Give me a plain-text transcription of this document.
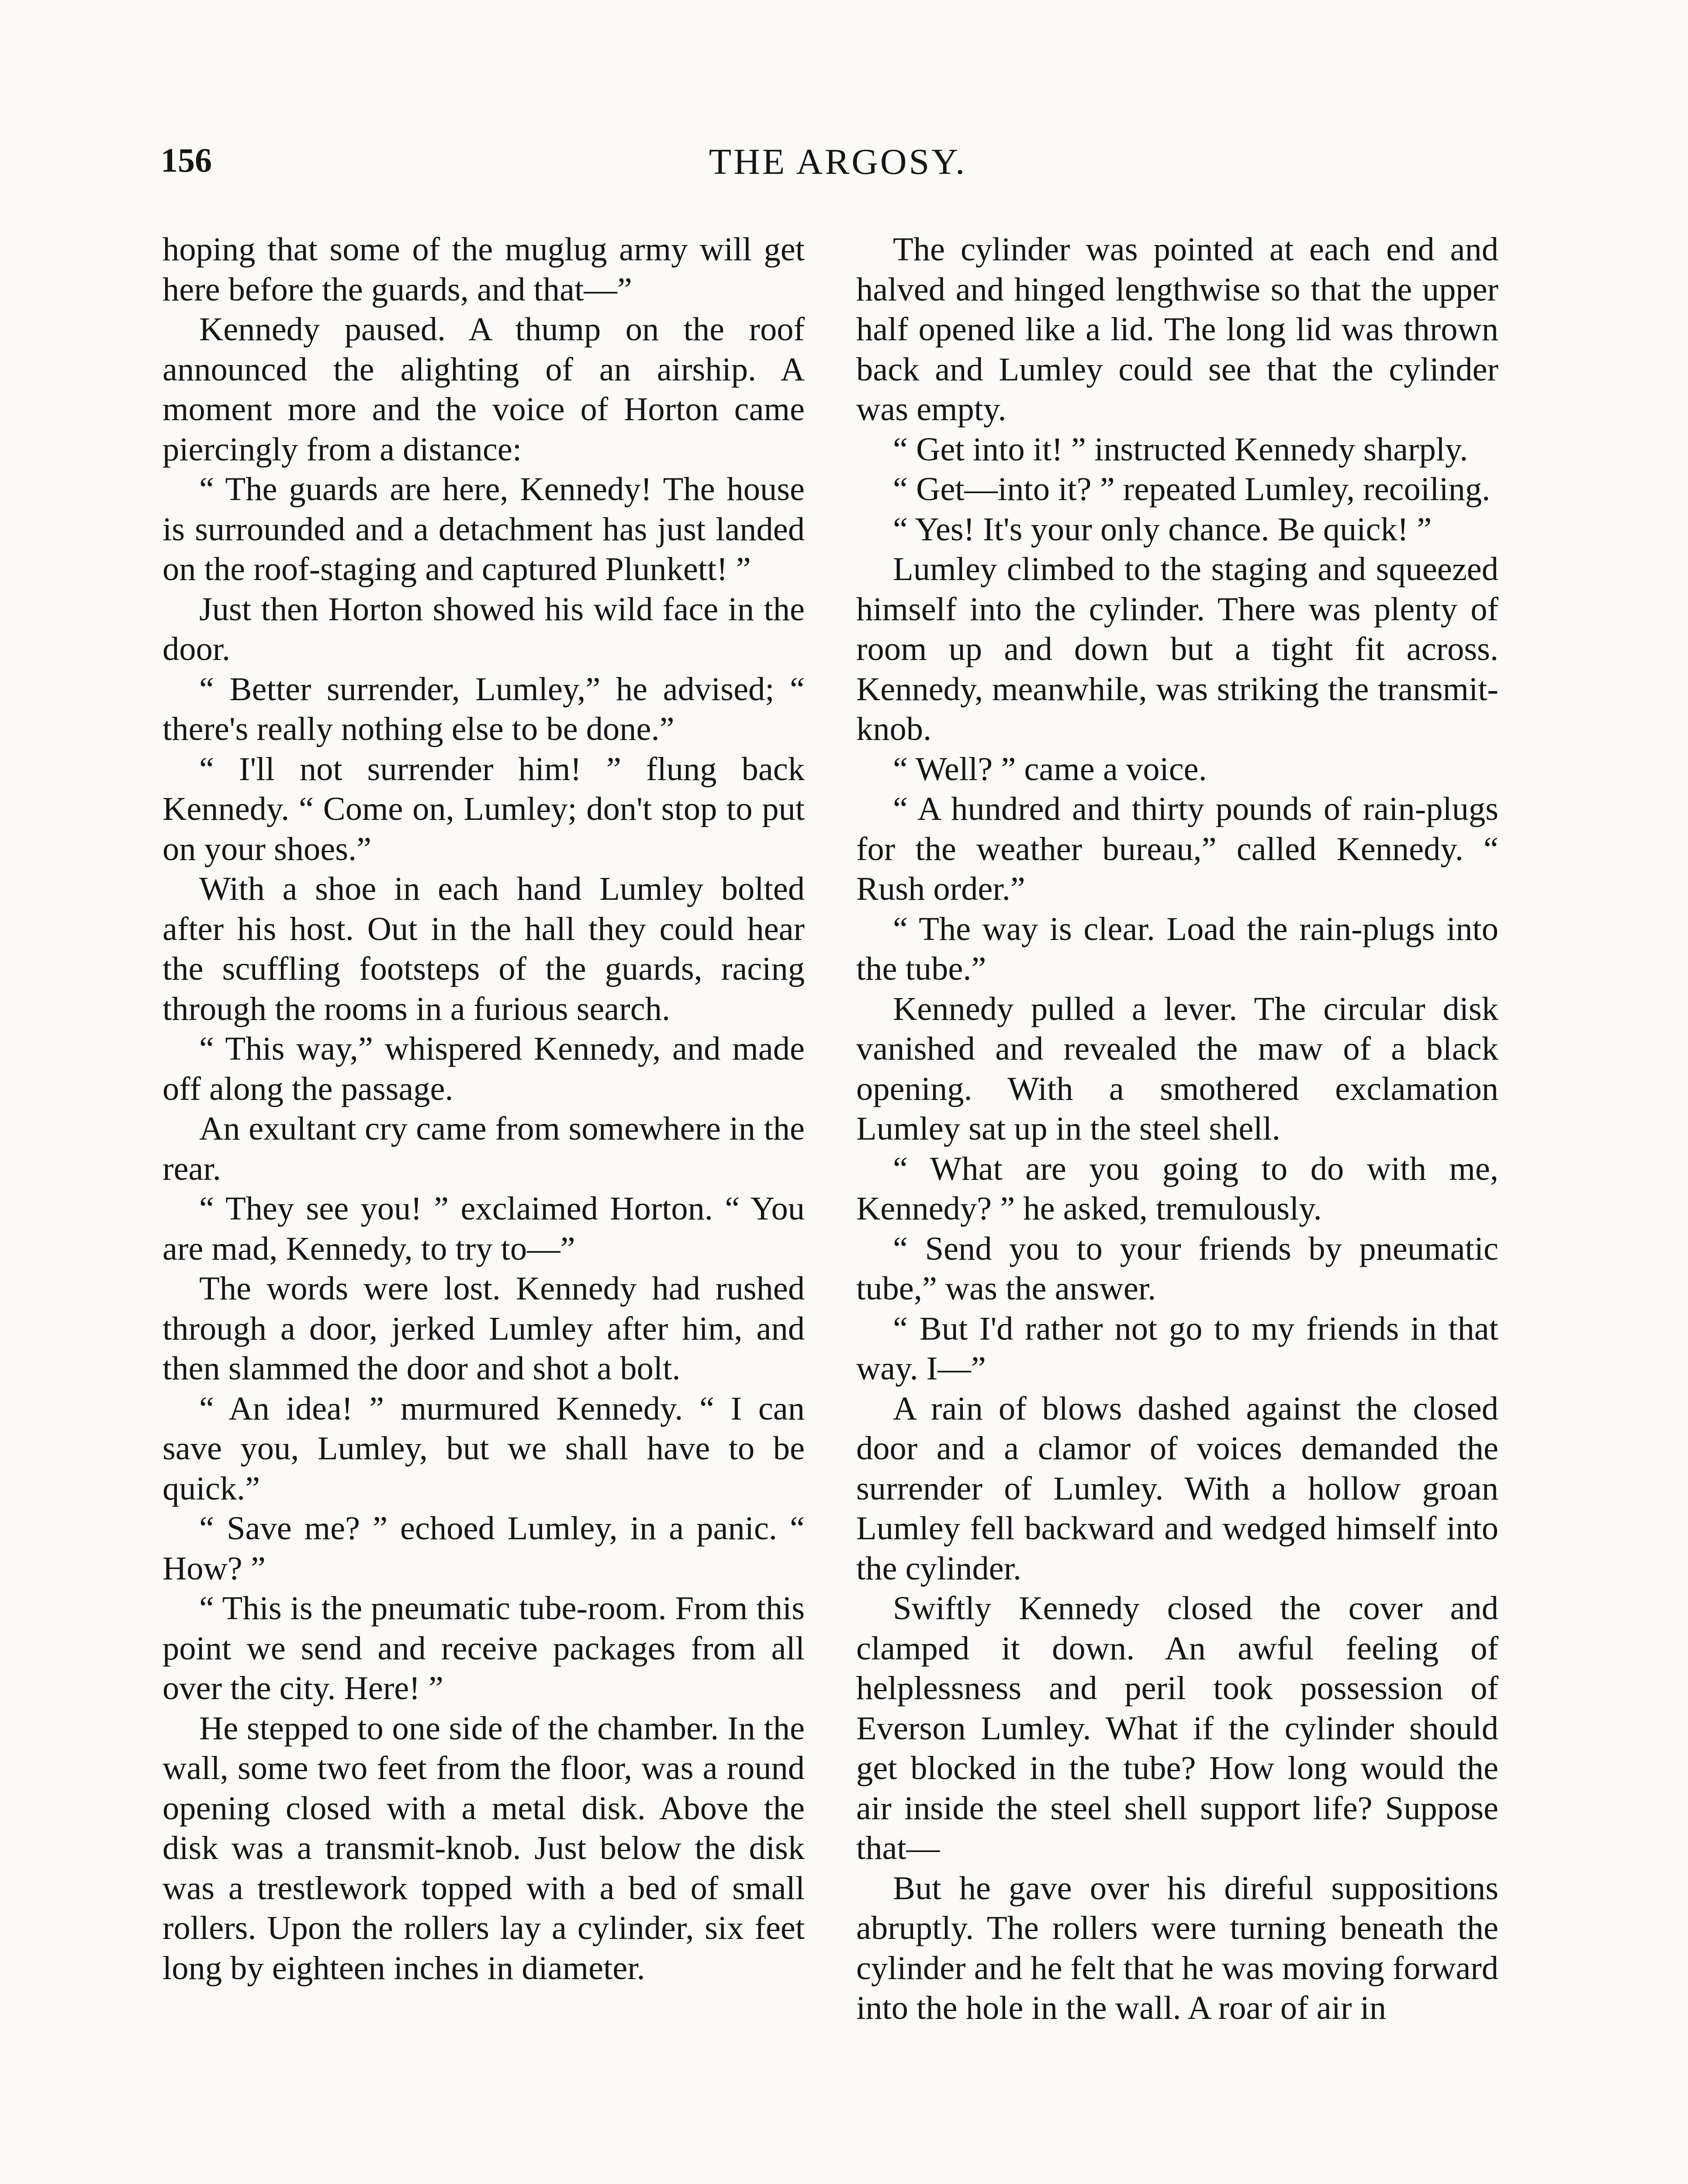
156	THE ARGOSY.

hoping that some of the muglug army will get here before the guards, and that—”

Kennedy paused. A thump on the roof announced the alighting of an airship. A moment more and the voice of Horton came piercingly from a distance:

“ The guards are here, Kennedy! The house is surrounded and a detachment has just landed on the roof-staging and captured Plunkett! ”

Just then Horton showed his wild face in the door.

“ Better surrender, Lumley,” he advised; “ there's really nothing else to be done.”

“ I'll not surrender him! ” flung back Kennedy. “ Come on, Lumley; don't stop to put on your shoes.”

With a shoe in each hand Lumley bolted after his host. Out in the hall they could hear the scuffling footsteps of the guards, racing through the rooms in a furious search.

“ This way,” whispered Kennedy, and made off along the passage.

An exultant cry came from somewhere in the rear.

“ They see you! ” exclaimed Horton. “ You are mad, Kennedy, to try to—”

The words were lost. Kennedy had rushed through a door, jerked Lumley after him, and then slammed the door and shot a bolt.

“ An idea! ” murmured Kennedy. “ I can save you, Lumley, but we shall have to be quick.”

“ Save me? ” echoed Lumley, in a panic. “ How? ”

“ This is the pneumatic tube-room. From this point we send and receive packages from all over the city. Here! ”

He stepped to one side of the chamber. In the wall, some two feet from the floor, was a round opening closed with a metal disk. Above the disk was a transmit-knob. Just below the disk was a trestlework topped with a bed of small rollers. Upon the rollers lay a cylinder, six feet long by eighteen inches in diameter.

The cylinder was pointed at each end and halved and hinged lengthwise so that the upper half opened like a lid. The long lid was thrown back and Lumley could see that the cylinder was empty.

“ Get into it! ” instructed Kennedy sharply.

“ Get—into it? ” repeated Lumley, recoiling.

“ Yes! It's your only chance. Be quick! ”

Lumley climbed to the staging and squeezed himself into the cylinder. There was plenty of room up and down but a tight fit across. Kennedy, meanwhile, was striking the transmit-knob.

“ Well? ” came a voice.

“ A hundred and thirty pounds of rain-plugs for the weather bureau,” called Kennedy. “ Rush order.”

“ The way is clear. Load the rain-plugs into the tube.”

Kennedy pulled a lever. The circular disk vanished and revealed the maw of a black opening. With a smothered exclamation Lumley sat up in the steel shell.

“ What are you going to do with me, Kennedy? ” he asked, tremulously.

“ Send you to your friends by pneumatic tube,” was the answer.

“ But I'd rather not go to my friends in that way. I—”

A rain of blows dashed against the closed door and a clamor of voices demanded the surrender of Lumley. With a hollow groan Lumley fell backward and wedged himself into the cylinder.

Swiftly Kennedy closed the cover and clamped it down. An awful feeling of helplessness and peril took possession of Everson Lumley. What if the cylinder should get blocked in the tube? How long would the air inside the steel shell support life? Suppose that—

But he gave over his direful suppositions abruptly. The rollers were turning beneath the cylinder and he felt that he was moving forward into the hole in the wall. A roar of air in
